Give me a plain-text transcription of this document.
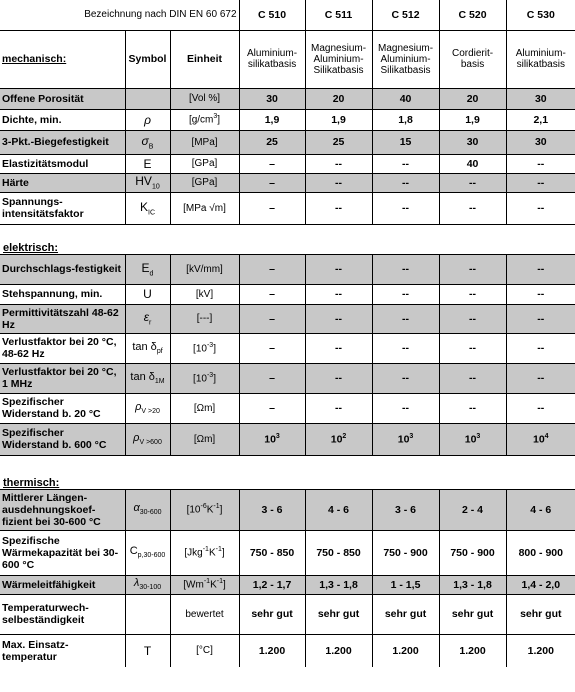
Bezeichnung nach DIN EN 60 672			C 510	C 511	C 512	C 520	C 530
mechanisch:	Symbol	Einheit	Aluminium-silikatbasis	Magnesium-Aluminium-Silikatbasis	Magnesium-Aluminium-Silikatbasis	Cordierit-basis	Aluminium-silikatbasis
Offene Porosität		[Vol %]	30	20	40	20	30
Dichte, min.	ρ	$[g/cm^3]$	1,9	1,9	1,8	1,9	2,1
3-Pkt.-Biegefestigkeit	$\sigma_B$	[MPa]	25	25	15	30	30
Elastizitätsmodul	E	[GPa]	–	--	--	40	--
Härte	$HV_{10}$	[GPa]	–	--	--	--	--
Spannungs-intensitätsfaktor	$K_{IC}$	[MPa √m]	–	--	--	--	--
elektrisch:							
Durchschlags-festigkeit	$E_d$	[kV/mm]	–	--	--	--	--
Stehspannung, min.	U	[kV]	–	--	--	--	--
Permittivitätszahl 48-62 Hz	$\varepsilon_r$	[---]	–	--	--	--	--
Verlustfaktor bei 20 °C, 48-62 Hz	$\tan \delta_{pf}$	$[10^{-3}]$	–	--	--	--	--
Verlustfaktor bei 20 °C, 1 MHz	$\tan \delta_{1M}$	$[10^{-3}]$	–	--	--	--	--
Spezifischer Widerstand b. 20 °C	$\rho_{V >20}$	[Ωm]	–	--	--	--	--
Spezifischer Widerstand b. 600 °C	$\rho_{V >600}$	[Ωm]	$10^3$	$10^2$	$10^3$	$10^3$	$10^4$
thermisch:							
Mittlerer Längen-ausdehnungskoef-fizient bei 30-600 °C	$\alpha_{30-600}$	$[10^{-6}K^{-1}]$	3 - 6	4 - 6	3 - 6	2 - 4	4 - 6
Spezifische Wärmekapazität bei 30-600 °C	$C_{p,30-600}$	$[Jkg^{-1}K^{-1}]$	750 - 850	750 - 850	750 - 900	750 - 900	800 - 900
Wärmeleitfähigkeit	$\lambda_{30-100}$	$[Wm^{-1}K^{-1}]$	1,2 - 1,7	1,3 - 1,8	1 - 1,5	1,3 - 1,8	1,4 - 2,0
Temperaturwech-selbeständigkeit		bewertet	sehr gut	sehr gut	sehr gut	sehr gut	sehr gut
Max. Einsatz-temperatur	T	[°C]	1.200	1.200	1.200	1.200	1.200
